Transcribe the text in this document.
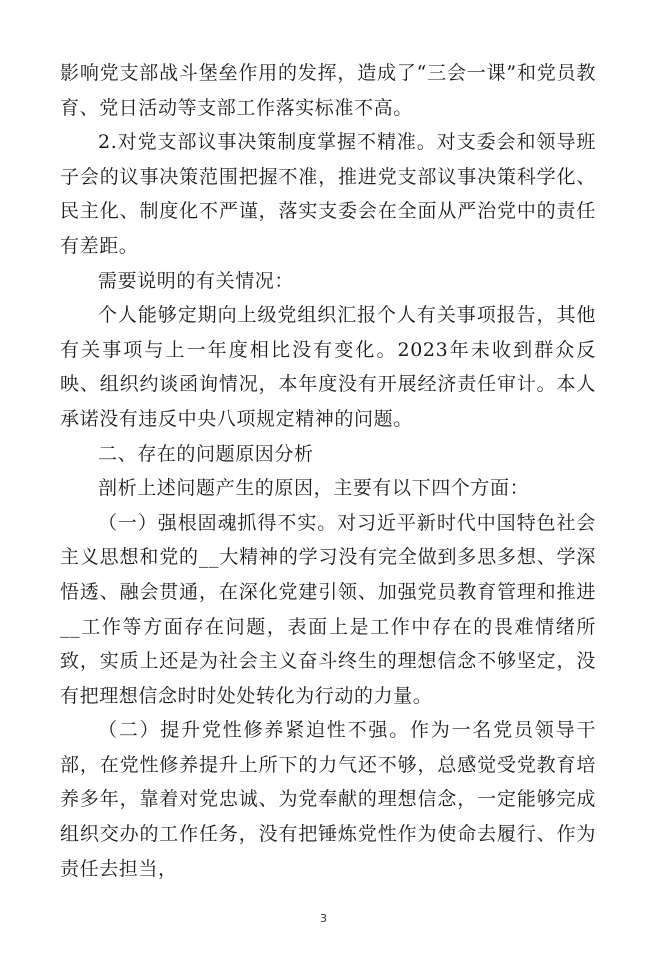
影响党支部战斗堡垒作用的发挥，造成了“三会一课”和党员教育、党日活动等支部工作落实标准不高。

2.对党支部议事决策制度掌握不精准。对支委会和领导班子会的议事决策范围把握不准，推进党支部议事决策科学化、民主化、制度化不严谨，落实支委会在全面从严治党中的责任有差距。

需要说明的有关情况：

个人能够定期向上级党组织汇报个人有关事项报告，其他有关事项与上一年度相比没有变化。2023年未收到群众反映、组织约谈函询情况，本年度没有开展经济责任审计。本人承诺没有违反中央八项规定精神的问题。

二、存在的问题原因分析

剖析上述问题产生的原因，主要有以下四个方面：

（一）强根固魂抓得不实。对习近平新时代中国特色社会主义思想和党的__大精神的学习没有完全做到多思多想、学深悟透、融会贯通，在深化党建引领、加强党员教育管理和推进__工作等方面存在问题，表面上是工作中存在的畏难情绪所致，实质上还是为社会主义奋斗终生的理想信念不够坚定，没有把理想信念时时处处转化为行动的力量。

（二）提升党性修养紧迫性不强。作为一名党员领导干部，在党性修养提升上所下的力气还不够，总感觉受党教育培养多年，靠着对党忠诚、为党奉献的理想信念，一定能够完成组织交办的工作任务，没有把锤炼党性作为使命去履行、作为责任去担当，

3
